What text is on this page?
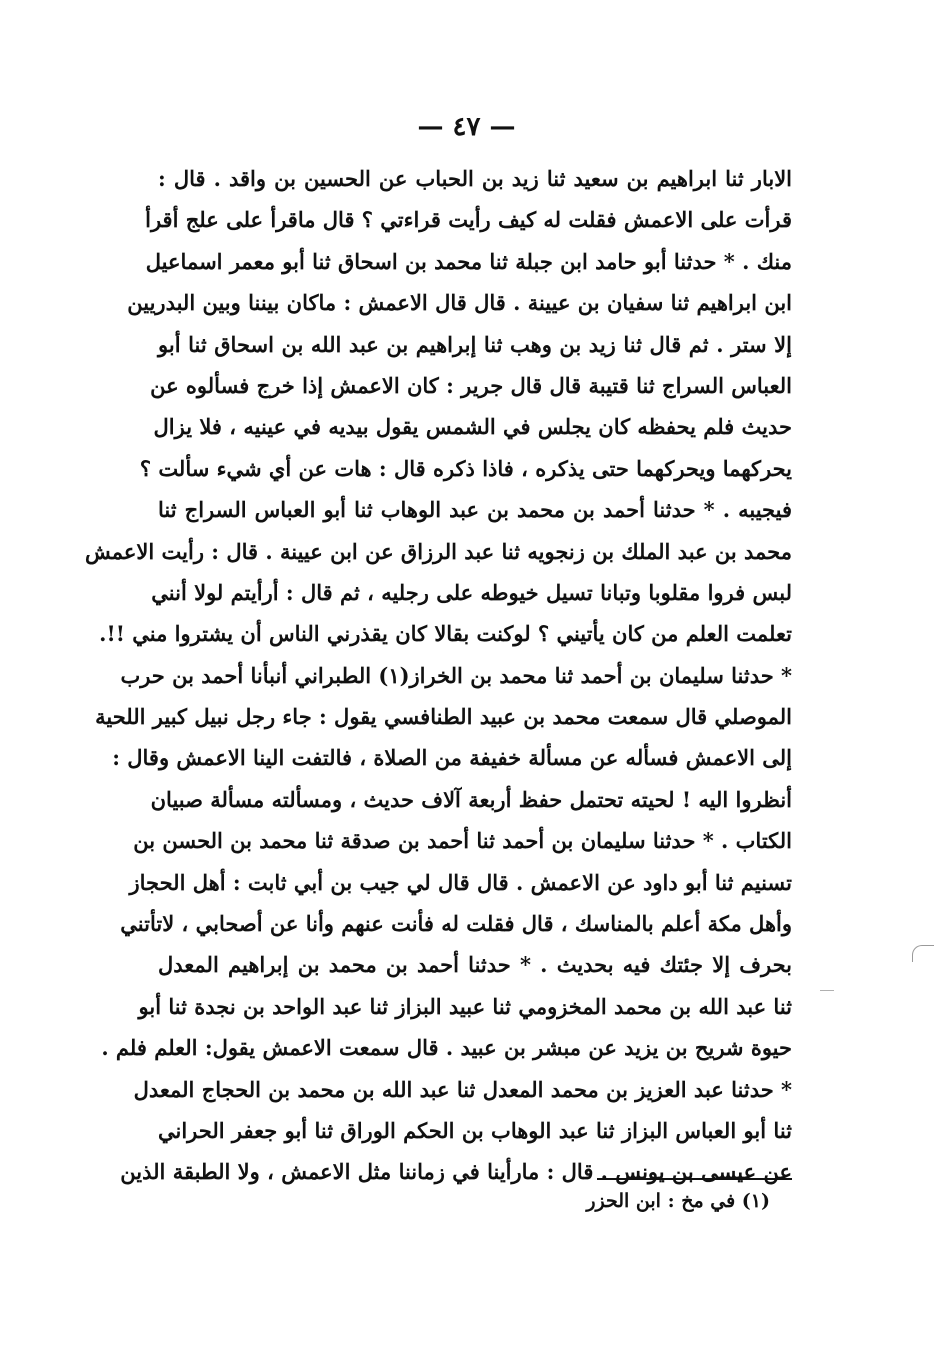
— ٤٧ —
الابار ثنا ابراهيم بن سعيد ثنا زيد بن الحباب عن الحسين بن واقد . قال :
قرأت على الاعمش فقلت له كيف رأيت قراءتي ؟ قال ماقرأ على علج أقرأ
منك . * حدثنا أبو حامد ابن جبلة ثنا محمد بن اسحاق ثنا أبو معمر اسماعيل
ابن ابراهيم ثنا سفيان بن عيينة . قال قال الاعمش : ماكان بيننا وبين البدريين
إلا ستر . ثم قال ثنا زيد بن وهب ثنا إبراهيم بن عبد الله بن اسحاق ثنا أبو
العباس السراج ثنا قتيبة قال قال جرير : كان الاعمش إذا خرج فسألوه عن
حديث فلم يحفظه كان يجلس في الشمس يقول بيديه في عينيه ، فلا يزال
يحركهما ويحركهما حتى يذكره ، فاذا ذكره قال : هات عن أي شيء سألت ؟
فيجيبه . * حدثنا أحمد بن محمد بن عبد الوهاب ثنا أبو العباس السراج ثنا
محمد بن عبد الملك بن زنجويه ثنا عبد الرزاق عن ابن عيينة . قال : رأيت الاعمش
لبس فروا مقلوبا وتبانا تسيل خيوطه على رجليه ، ثم قال : أرأيتم لولا أنني
تعلمت العلم من كان يأتيني ؟ لوكنت بقالا كان يقذرني الناس أن يشتروا مني !!.
* حدثنا سليمان بن أحمد ثنا محمد بن الخراز(١) الطبراني أنبأنا أحمد بن حرب
الموصلي قال سمعت محمد بن عبيد الطنافسي يقول : جاء رجل نبيل كبير اللحية
إلى الاعمش فسأله عن مسألة خفيفة من الصلاة ، فالتفت الينا الاعمش وقال :
أنظروا اليه ! لحيته تحتمل حفظ أربعة آلاف حديث ، ومسألته مسألة صبيان
الكتاب . * حدثنا سليمان بن أحمد ثنا أحمد بن صدقة ثنا محمد بن الحسن بن
تسنيم ثنا أبو داود عن الاعمش . قال قال لي جيب بن أبي ثابت : أهل الحجاز
وأهل مكة أعلم بالمناسك ، قال فقلت له فأنت عنهم وأنا عن أصحابي ، لاتأتني
بحرف إلا جئتك فيه بحديث . * حدثنا أحمد بن محمد بن إبراهيم المعدل
ثنا عبد الله بن محمد المخزومي ثنا عبيد البزاز ثنا عبد الواحد بن نجدة ثنا أبو
حيوة شريح بن يزيد عن مبشر بن عبيد . قال سمعت الاعمش يقول: العلم فلم .
* حدثنا عبد العزيز بن محمد المعدل ثنا عبد الله بن محمد بن الحجاج المعدل
ثنا أبو العباس البزاز ثنا عبد الوهاب بن الحكم الوراق ثنا أبو جعفر الحراني
عن عيسى بن يونس . قال : مارأينا في زماننا مثل الاعمش ، ولا الطبقة الذين
(١) في مخ : ابن الحزر
